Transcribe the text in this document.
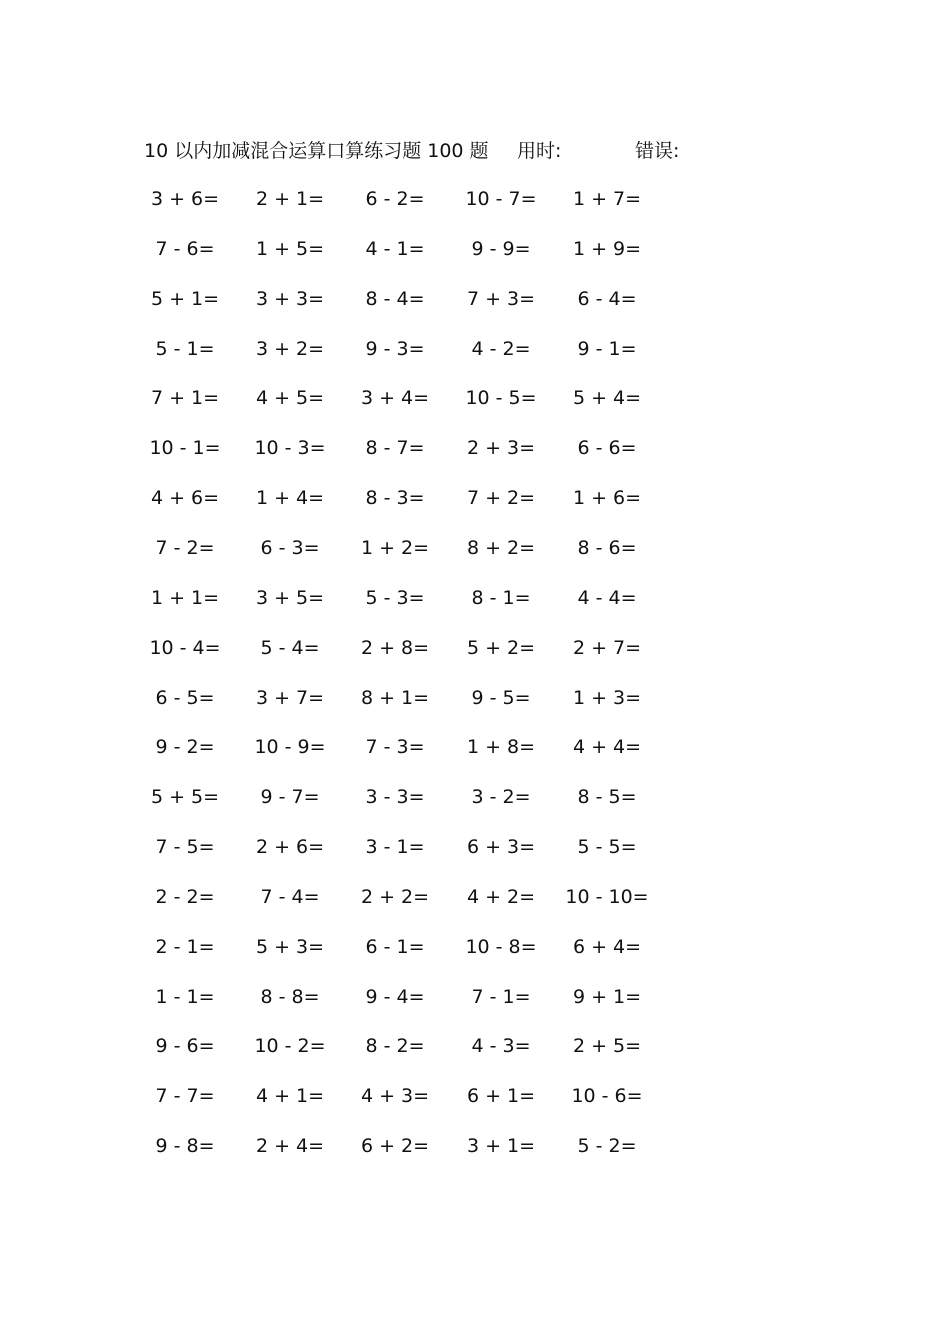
10 以内加减混合运算口算练习题 100 题 用时:	错误:
3 + 6= 2 + 1= 6 - 2= 10 - 7= 1 + 7=
7 - 6= 1 + 5= 4 - 1= 9 - 9= 1 + 9=
5 + 1= 3 + 3= 8 - 4= 7 + 3= 6 - 4=
5 - 1= 3 + 2= 9 - 3= 4 - 2= 9 - 1=
7 + 1= 4 + 5= 3 + 4= 10 - 5= 5 + 4=
10 - 1= 10 - 3= 8 - 7= 2 + 3= 6 - 6=
4 + 6= 1 + 4= 8 - 3= 7 + 2= 1 + 6=
7 - 2= 6 - 3= 1 + 2= 8 + 2= 8 - 6=
1 + 1= 3 + 5= 5 - 3= 8 - 1= 4 - 4=
10 - 4= 5 - 4= 2 + 8= 5 + 2= 2 + 7=
6 - 5= 3 + 7= 8 + 1= 9 - 5= 1 + 3=
9 - 2= 10 - 9= 7 - 3= 1 + 8= 4 + 4=
5 + 5= 9 - 7= 3 - 3= 3 - 2= 8 - 5=
7 - 5= 2 + 6= 3 - 1= 6 + 3= 5 - 5=
2 - 2= 7 - 4= 2 + 2= 4 + 2= 10 - 10=
2 - 1= 5 + 3= 6 - 1= 10 - 8= 6 + 4=
1 - 1= 8 - 8= 9 - 4= 7 - 1= 9 + 1=
9 - 6= 10 - 2= 8 - 2= 4 - 3= 2 + 5=
7 - 7= 4 + 1= 4 + 3= 6 + 1= 10 - 6=
9 - 8= 2 + 4= 6 + 2= 3 + 1= 5 - 2=
